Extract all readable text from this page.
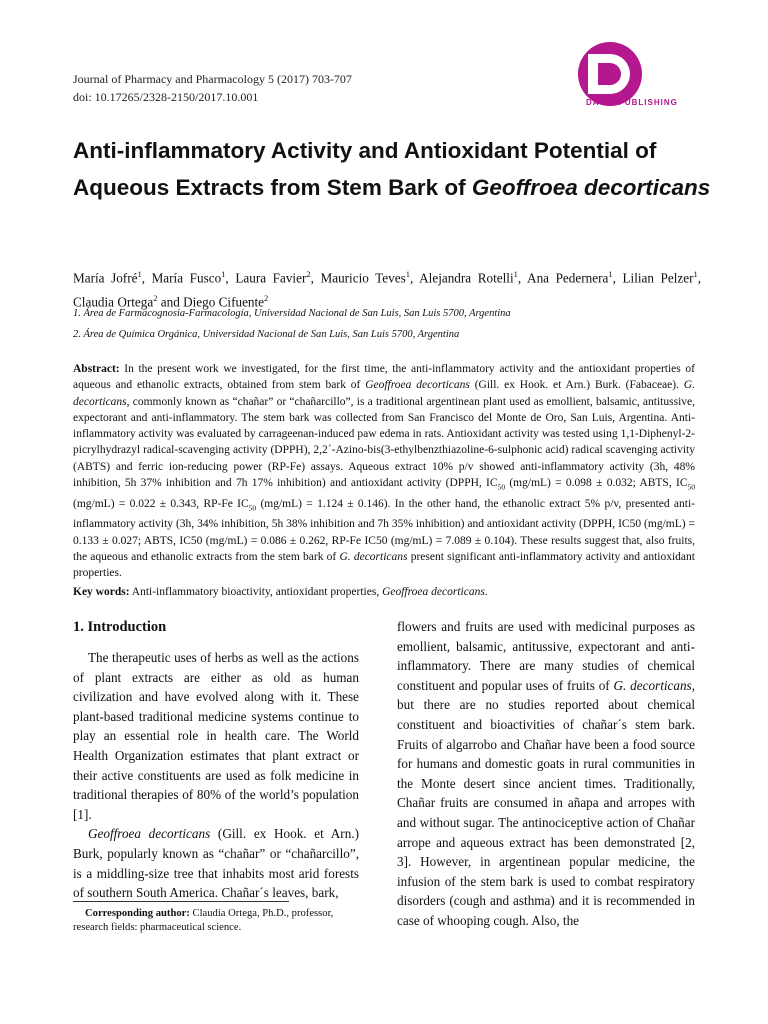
Journal of Pharmacy and Pharmacology 5 (2017) 703-707
doi: 10.17265/2328-2150/2017.10.001	DAVID PUBLISHING
Anti-inflammatory Activity and Antioxidant Potential of Aqueous Extracts from Stem Bark of Geoffroea decorticans
María Jofré$^1$, María Fusco$^1$, Laura Favier$^2$, Mauricio Teves$^1$, Alejandra Rotelli$^1$, Ana Pedernera$^1$, Lilian Pelzer$^1$, Claudia Ortega$^2$ and Diego Cifuente$^2$
1. Área de Farmacognosia-Farmacología, Universidad Nacional de San Luis, San Luis 5700, Argentina
2. Área de Química Orgánica, Universidad Nacional de San Luis, San Luis 5700, Argentina
Abstract: In the present work we investigated, for the first time, the anti-inflammatory activity and the antioxidant properties of aqueous and ethanolic extracts, obtained from stem bark of Geoffroea decorticans (Gill. ex Hook. et Arn.) Burk. (Fabaceae). G. decorticans, commonly known as “chañar” or “chañarcillo”, is a traditional argentinean plant used as emollient, balsamic, antitussive, expectorant and anti-inflammatory. The stem bark was collected from San Francisco del Monte de Oro, San Luis, Argentina. Anti-inflammatory activity was evaluated by carrageenan-induced paw edema in rats. Antioxidant activity was tested using 1,1-Diphenyl-2-picrylhydrazyl radical-scavenging activity (DPPH), 2,2´-Azino-bis(3-ethylbenzthiazoline-6-sulphonic acid) radical scavenging activity (ABTS) and ferric ion-reducing power (RP-Fe) assays. Aqueous extract 10% p/v showed anti-inflammatory activity (3h, 48% inhibition, 5h 37% inhibition and 7h 17% inhibition) and antioxidant activity (DPPH, $IC_{50}$ (mg/mL) = 0.098 ± 0.032; ABTS, $IC_{50}$ (mg/mL) = 0.022 ± 0.343, RP-Fe $IC_{50}$ (mg/mL) = 1.124 ± 0.146). In the other hand, the ethanolic extract 5% p/v, presented anti-inflammatory activity (3h, 34% inhibition, 5h 38% inhibition and 7h 35% inhibition) and antioxidant activity (DPPH, IC50 (mg/mL) = 0.133 ± 0.027; ABTS, IC50 (mg/mL) = 0.086 ± 0.262, RP-Fe IC50 (mg/mL) = 7.089 ± 0.104). These results suggest that, also fruits, the aqueous and ethanolic extracts from the stem bark of G. decorticans present significant anti-inflammatory activity and antioxidant properties.
Key words: Anti-inflammatory bioactivity, antioxidant properties, Geoffroea decorticans.
1. Introduction

The therapeutic uses of herbs as well as the actions of plant extracts are either as old as human civilization and have evolved along with it. These plant-based traditional medicine systems continue to play an essential role in health care. The World Health Organization estimates that plant extract or their active constituents are used as folk medicine in traditional therapies of 80% of the world’s population [1].

Geoffroea decorticans (Gill. ex Hook. et Arn.) Burk, popularly known as “chañar” or “chañarcillo”, is a middling-size tree that inhabits most arid forests of southern South America. Chañar´s leaves, bark,

flowers and fruits are used with medicinal purposes as emollient, balsamic, antitussive, expectorant and anti-inflammatory. There are many studies of chemical constituent and popular uses of fruits of G. decorticans, but there are no studies reported about chemical constituent and bioactivities of chañar´s stem bark. Fruits of algarrobo and Chañar have been a food source for humans and domestic goats in rural communities in the Monte desert since ancient times. Traditionally, Chañar fruits are consumed in añapa and arropes with and without sugar. The antinociceptive action of Chañar arrope and aqueous extract has been demonstrated [2, 3]. However, in argentinean popular medicine, the infusion of the stem bark is used to combat respiratory disorders (cough and asthma) and it is recommended in case of whooping cough. Also, the

Corresponding author: Claudia Ortega, Ph.D., professor, research fields: pharmaceutical science.
